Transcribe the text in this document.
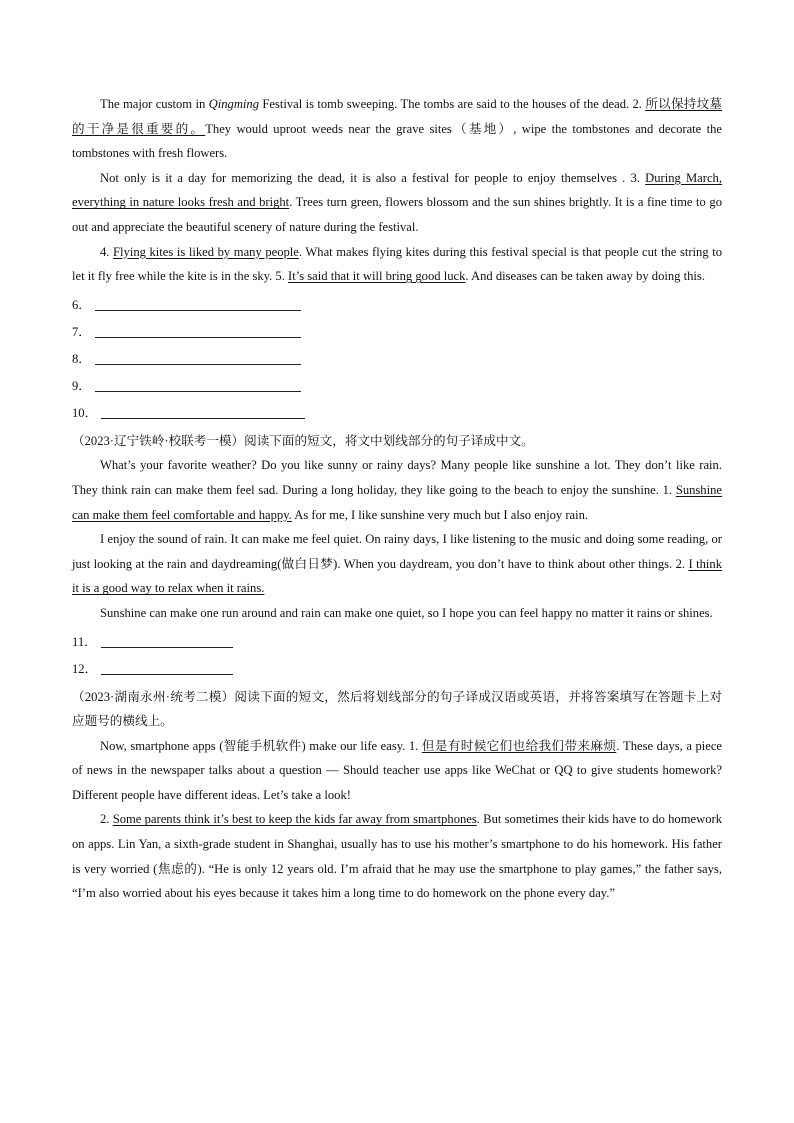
The major custom in Qingming Festival is tomb sweeping. The tombs are said to the houses of the dead. 2. 所以保持坟墓的干净是很重要的。They would uproot weeds near the grave sites（基地）, wipe the tombstones and decorate the tombstones with fresh flowers.

Not only is it a day for memorizing the dead, it is also a festival for people to enjoy themselves . 3. During March, everything in nature looks fresh and bright. Trees turn green, flowers blossom and the sun shines brightly. It is a fine time to go out and appreciate the beautiful scenery of nature during the festival.

4. Flying kites is liked by many people. What makes flying kites during this festival special is that people cut the string to let it fly free while the kite is in the sky. 5. It’s said that it will bring good luck. And diseases can be taken away by doing this.

6．
7．
8．
9．
10．

（2023·辽宁铁岭·校联考一模）阅读下面的短文，将文中划线部分的句子译成中文。

What’s your favorite weather? Do you like sunny or rainy days? Many people like sunshine a lot. They don’t like rain. They think rain can make them feel sad. During a long holiday, they like going to the beach to enjoy the sunshine. 1. Sunshine can make them feel comfortable and happy. As for me, I like sunshine very much but I also enjoy rain.

I enjoy the sound of rain. It can make me feel quiet. On rainy days, I like listening to the music and doing some reading, or just looking at the rain and daydreaming(做白日梦). When you daydream, you don’t have to think about other things. 2. I think it is a good way to relax when it rains.

Sunshine can make one run around and rain can make one quiet, so I hope you can feel happy no matter it rains or shines.

11．
12．

（2023·湖南永州·统考二模）阅读下面的短文，然后将划线部分的句子译成汉语或英语，并将答案填写在答题卡上对应题号的横线上。

Now, smartphone apps (智能手机软件) make our life easy. 1. 但是有时候它们也给我们带来麻烦. These days, a piece of news in the newspaper talks about a question — Should teacher use apps like WeChat or QQ to give students homework? Different people have different ideas. Let’s take a look!

2. Some parents think it’s best to keep the kids far away from smartphones. But sometimes their kids have to do homework on apps. Lin Yan, a sixth-grade student in Shanghai, usually has to use his mother’s smartphone to do his homework. His father is very worried (焦虑的). “He is only 12 years old. I’m afraid that he may use the smartphone to play games,” the father says, “I’m also worried about his eyes because it takes him a long time to do homework on the phone every day.”
